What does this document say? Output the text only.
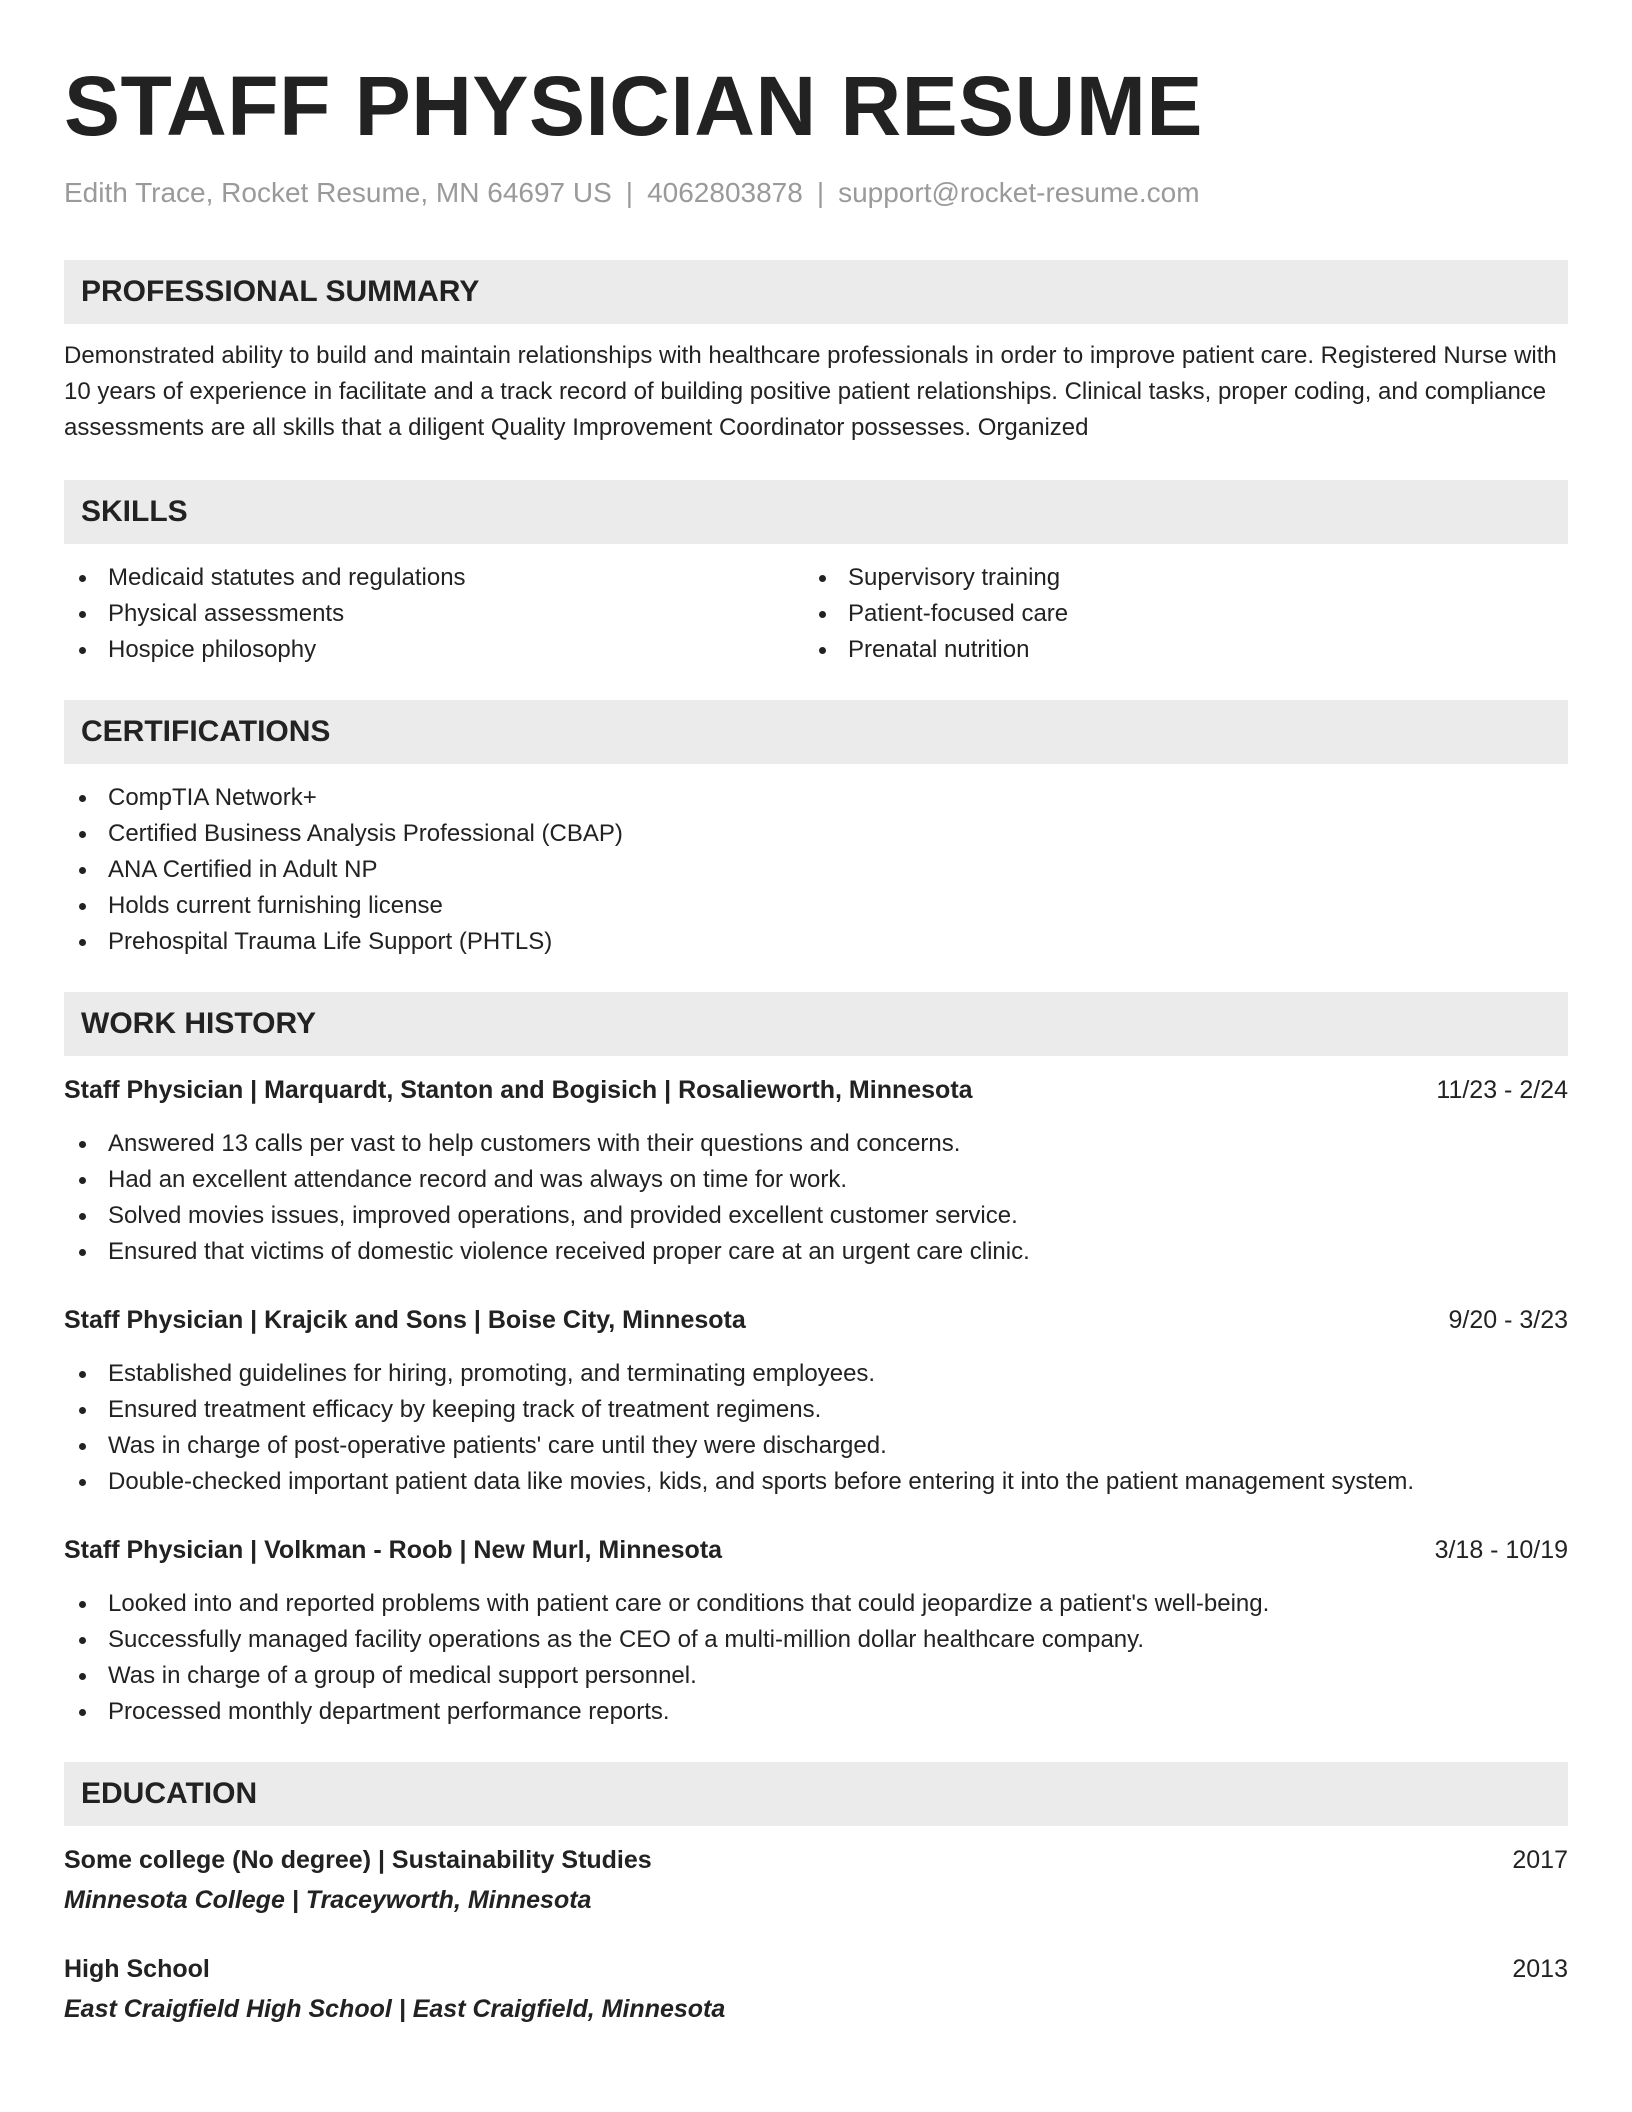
STAFF PHYSICIAN RESUME
Edith Trace, Rocket Resume, MN 64697 US | 4062803878 | support@rocket-resume.com
PROFESSIONAL SUMMARY
Demonstrated ability to build and maintain relationships with healthcare professionals in order to improve patient care. Registered Nurse with 10 years of experience in facilitate and a track record of building positive patient relationships. Clinical tasks, proper coding, and compliance assessments are all skills that a diligent Quality Improvement Coordinator possesses. Organized
SKILLS
Medicaid statutes and regulations
Physical assessments
Hospice philosophy
Supervisory training
Patient-focused care
Prenatal nutrition
CERTIFICATIONS
CompTIA Network+
Certified Business Analysis Professional (CBAP)
ANA Certified in Adult NP
Holds current furnishing license
Prehospital Trauma Life Support (PHTLS)
WORK HISTORY
Staff Physician | Marquardt, Stanton and Bogisich | Rosalieworth, Minnesota	11/23 - 2/24
Answered 13 calls per vast to help customers with their questions and concerns.
Had an excellent attendance record and was always on time for work.
Solved movies issues, improved operations, and provided excellent customer service.
Ensured that victims of domestic violence received proper care at an urgent care clinic.
Staff Physician | Krajcik and Sons | Boise City, Minnesota	9/20 - 3/23
Established guidelines for hiring, promoting, and terminating employees.
Ensured treatment efficacy by keeping track of treatment regimens.
Was in charge of post-operative patients' care until they were discharged.
Double-checked important patient data like movies, kids, and sports before entering it into the patient management system.
Staff Physician | Volkman - Roob | New Murl, Minnesota	3/18 - 10/19
Looked into and reported problems with patient care or conditions that could jeopardize a patient's well-being.
Successfully managed facility operations as the CEO of a multi-million dollar healthcare company.
Was in charge of a group of medical support personnel.
Processed monthly department performance reports.
EDUCATION
Some college (No degree) | Sustainability Studies	2017
Minnesota College | Traceyworth, Minnesota
High School	2013
East Craigfield High School | East Craigfield, Minnesota
